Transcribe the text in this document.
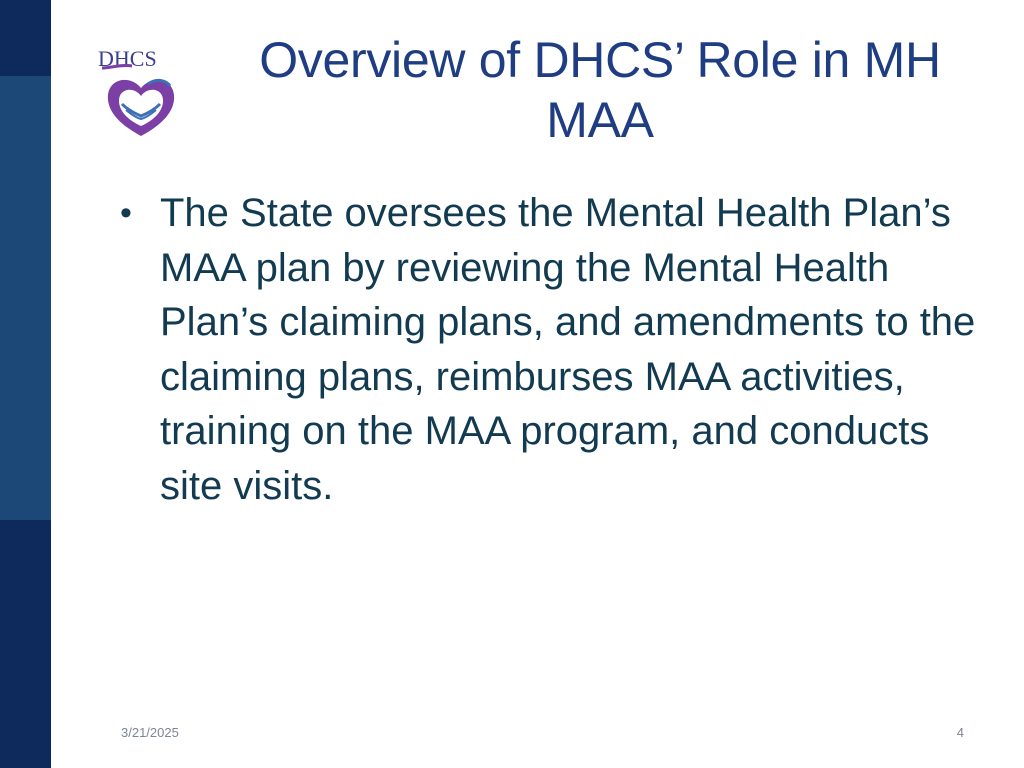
DHCS	Overview of DHCS’ Role in MH MAA
• The State oversees the Mental Health Plan’s MAA plan by reviewing the Mental Health Plan’s claiming plans, and amendments to the claiming plans, reimburses MAA activities, training on the MAA program, and conducts site visits.
3/21/2025	4
